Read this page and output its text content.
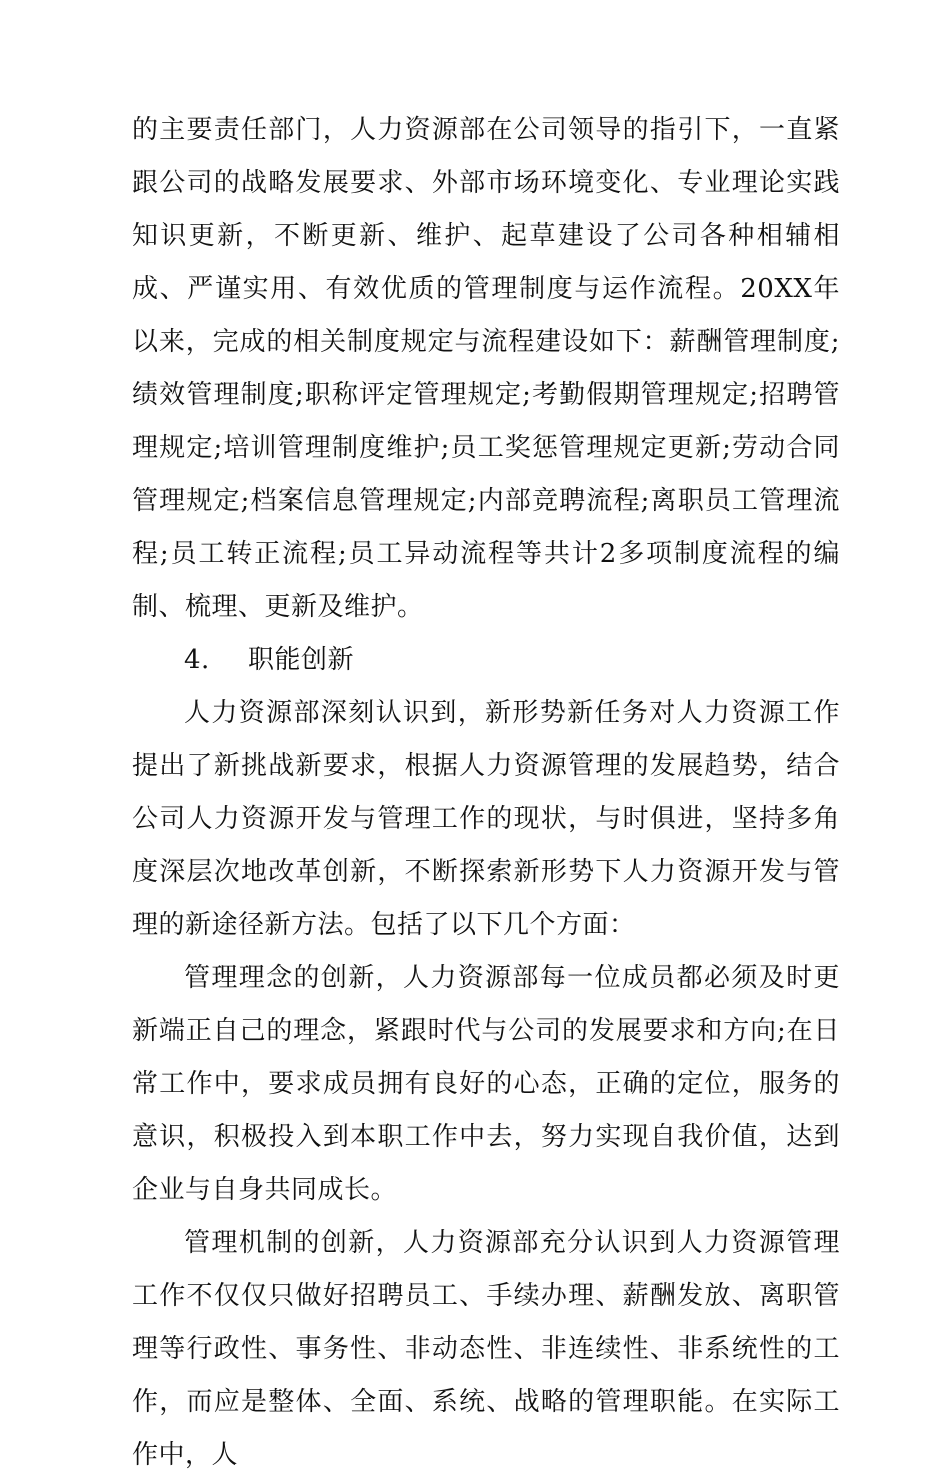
的主要责任部门，人力资源部在公司领导的指引下，一直紧跟公司的战略发展要求、外部市场环境变化、专业理论实践知识更新，不断更新、维护、起草建设了公司各种相辅相成、严谨实用、有效优质的管理制度与运作流程。20XX年以来，完成的相关制度规定与流程建设如下：薪酬管理制度;绩效管理制度;职称评定管理规定;考勤假期管理规定;招聘管理规定;培训管理制度维护;员工奖惩管理规定更新;劳动合同管理规定;档案信息管理规定;内部竞聘流程;离职员工管理流程;员工转正流程;员工异动流程等共计2多项制度流程的编制、梳理、更新及维护。

4.	职能创新

人力资源部深刻认识到，新形势新任务对人力资源工作提出了新挑战新要求，根据人力资源管理的发展趋势，结合公司人力资源开发与管理工作的现状，与时俱进，坚持多角度深层次地改革创新，不断探索新形势下人力资源开发与管理的新途径新方法。包括了以下几个方面：

管理理念的创新，人力资源部每一位成员都必须及时更新端正自己的理念，紧跟时代与公司的发展要求和方向;在日常工作中，要求成员拥有良好的心态，正确的定位，服务的意识，积极投入到本职工作中去，努力实现自我价值，达到企业与自身共同成长。

管理机制的创新，人力资源部充分认识到人力资源管理工作不仅仅只做好招聘员工、手续办理、薪酬发放、离职管理等行政性、事务性、非动态性、非连续性、非系统性的工作，而应是整体、全面、系统、战略的管理职能。在实际工作中，人
